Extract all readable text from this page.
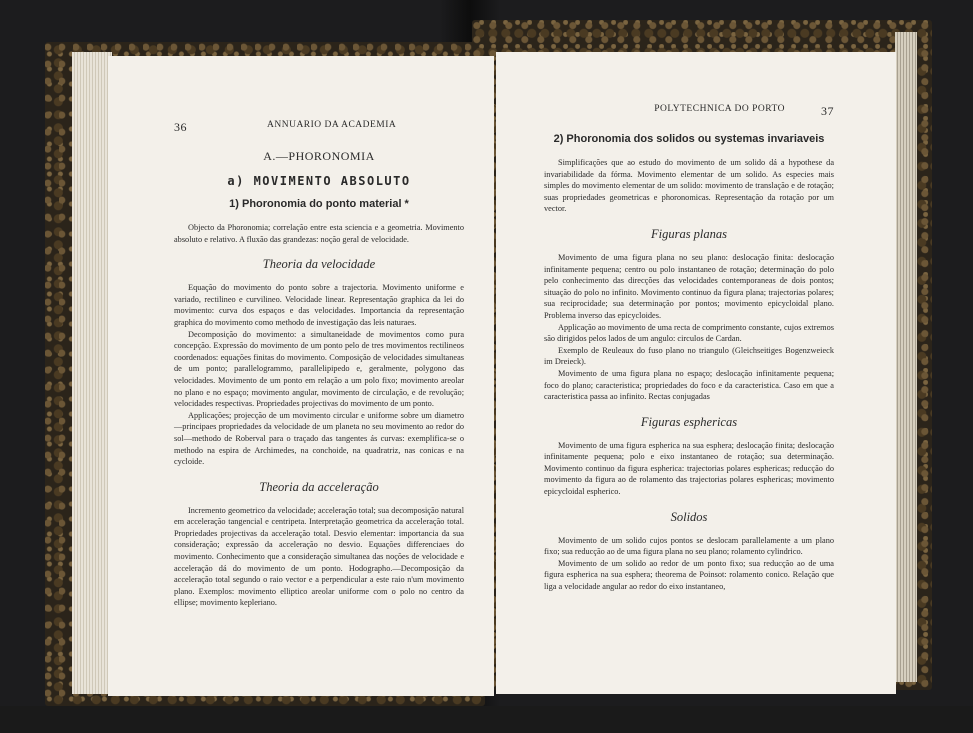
36	ANNUARIO DA ACADEMIA
A.—PHORONOMIA
a) MOVIMENTO ABSOLUTO
1) Phoronomia do ponto material *

Objecto da Phoronomia; correlação entre esta sciencia e a geometria. Movimento absoluto e relativo. A fluxão das grandezas: noção geral de velocidade.

Theoria da velocidade

Equação do movimento do ponto sobre a trajectoria. Movimento uniforme e variado, rectilineo e curvilineo. Velocidade linear. Representação graphica da lei do movimento: curva dos espaços e das velocidades. Importancia da representação graphica do movimento como methodo de investigação das leis naturaes.

Decomposição do movimento: a simultaneidade de movimentos como pura concepção. Expressão do movimento de um ponto pelo de tres movimentos rectilineos coordenados: equações finitas do movimento. Composição de velocidades simultaneas de um ponto; parallelogrammo, parallelipipedo e, geralmente, polygono das velocidades. Movimento de um ponto em relação a um polo fixo; movimento areolar no plano e no espaço; movimento angular, movimento de circulação, e de revolução; velocidades respectivas. Propriedades projectivas do movimento de um ponto.

Applicações; projecção de um movimento circular e uniforme sobre um diametro—principaes propriedades da velocidade de um planeta no seu movimento ao redor do sol—methodo de Roberval para o traçado das tangentes ás curvas: exemplifica-se o methodo na espira de Archimedes, na conchoide, na quadratriz, nas conicas e na cycloide.

Theoria da acceleração

Incremento geometrico da velocidade; acceleração total; sua decomposição natural em acceleração tangencial e centripeta. Interpretação geometrica da acceleração total. Propriedades projectivas da acceleração total. Desvio elementar: importancia da sua consideração; expressão da acceleração no desvio. Equações differenciaes do movimento. Conhecimento que a consideração simultanea das noções de velocidade e acceleração dá do movimento de um ponto. Hodographo.—Decomposição da acceleração total segundo o raio vector e a perpendicular a este raio n'um movimento plano. Exemplos: movimento elliptico areolar uniforme com o polo no centro da ellipse; movimento kepleriano.

POLYTECHNICA DO PORTO	37
2) Phoronomia dos solidos ou systemas invariaveis

Simplificações que ao estudo do movimento de um solido dá a hypothese da invariabilidade da fórma. Movimento elementar de um solido. As especies mais simples do movimento elementar de um solido: movimento de translação e de rotação; suas propriedades geometricas e phoronomicas. Representação da rotação por um vector.

Figuras planas

Movimento de uma figura plana no seu plano: deslocação finita: deslocação infinitamente pequena; centro ou polo instantaneo de rotação; determinação do polo pelo conhecimento das direcções das velocidades contemporaneas de dois pontos; situação do polo no infinito. Movimento continuo da figura plana; trajectorias polares; sua reciprocidade; sua determinação por pontos; movimento epicycloidal plano. Problema inverso das epicycloides.

Applicação ao movimento de uma recta de comprimento constante, cujos extremos são dirigidos pelos lados de um angulo: circulos de Cardan.

Exemplo de Reuleaux do fuso plano no triangulo (Gleichseitiges Bogenzweieck im Dreieck).

Movimento de uma figura plana no espaço; deslocação infinitamente pequena; foco do plano; caracteristica; propriedades do foco e da caracteristica. Caso em que a caracteristica passa ao infinito. Rectas conjugadas

Figuras esphericas

Movimento de uma figura espherica na sua esphera; deslocação finita; deslocação infinitamente pequena; polo e eixo instantaneo de rotação; sua determinação. Movimento continuo da figura espherica: trajectorias polares esphericas; reducção do movimento da figura ao de rolamento das trajectorias polares esphericas; movimento epicycloidal espherico.

Solidos

Movimento de um solido cujos pontos se deslocam parallelamente a um plano fixo; sua reducção ao de uma figura plana no seu plano; rolamento cylindrico.

Movimento de um solido ao redor de um ponto fixo; sua reducção ao de uma figura espherica na sua esphera; theorema de Poinsot: rolamento conico. Relação que liga a velocidade angular ao redor do eixo instantaneo,
